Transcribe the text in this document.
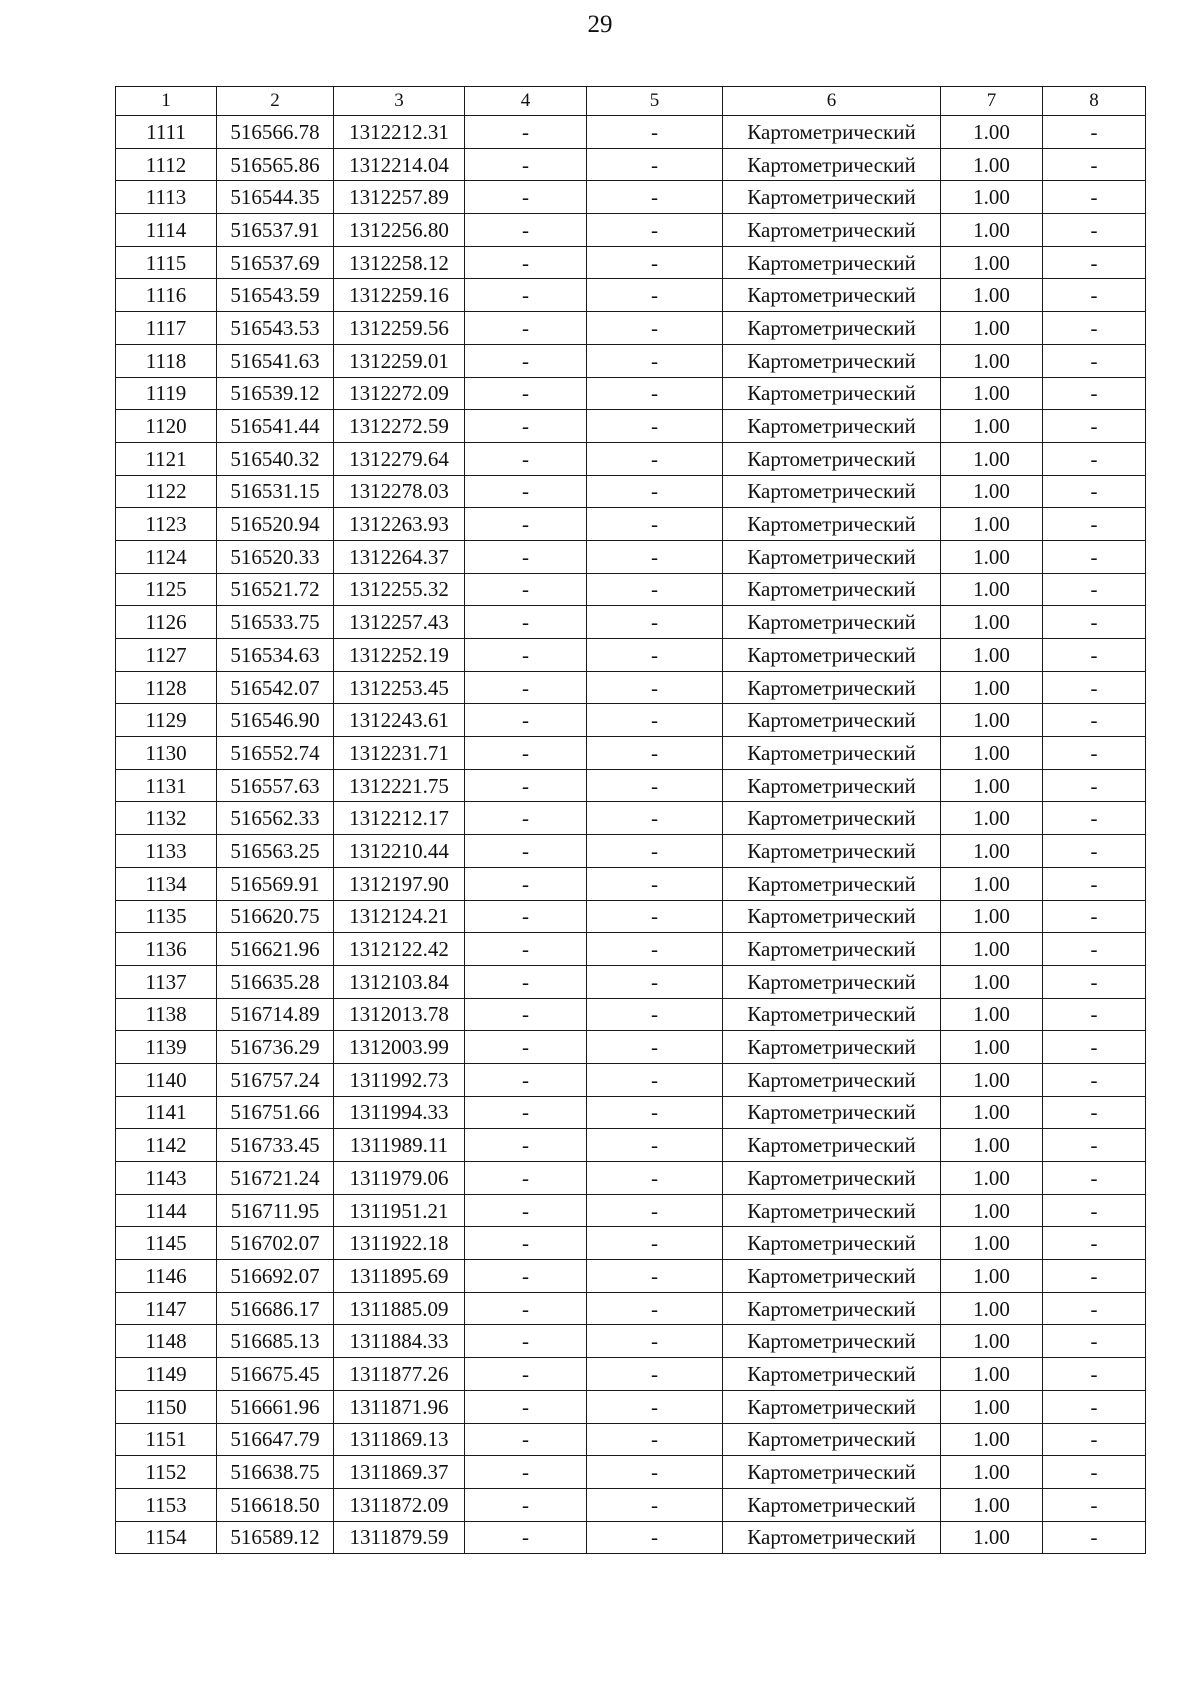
29
1	2	3	4	5	6	7	8
1111	516566.78	1312212.31	-	-	Картометрический	1.00	-
1112	516565.86	1312214.04	-	-	Картометрический	1.00	-
1113	516544.35	1312257.89	-	-	Картометрический	1.00	-
1114	516537.91	1312256.80	-	-	Картометрический	1.00	-
1115	516537.69	1312258.12	-	-	Картометрический	1.00	-
1116	516543.59	1312259.16	-	-	Картометрический	1.00	-
1117	516543.53	1312259.56	-	-	Картометрический	1.00	-
1118	516541.63	1312259.01	-	-	Картометрический	1.00	-
1119	516539.12	1312272.09	-	-	Картометрический	1.00	-
1120	516541.44	1312272.59	-	-	Картометрический	1.00	-
1121	516540.32	1312279.64	-	-	Картометрический	1.00	-
1122	516531.15	1312278.03	-	-	Картометрический	1.00	-
1123	516520.94	1312263.93	-	-	Картометрический	1.00	-
1124	516520.33	1312264.37	-	-	Картометрический	1.00	-
1125	516521.72	1312255.32	-	-	Картометрический	1.00	-
1126	516533.75	1312257.43	-	-	Картометрический	1.00	-
1127	516534.63	1312252.19	-	-	Картометрический	1.00	-
1128	516542.07	1312253.45	-	-	Картометрический	1.00	-
1129	516546.90	1312243.61	-	-	Картометрический	1.00	-
1130	516552.74	1312231.71	-	-	Картометрический	1.00	-
1131	516557.63	1312221.75	-	-	Картометрический	1.00	-
1132	516562.33	1312212.17	-	-	Картометрический	1.00	-
1133	516563.25	1312210.44	-	-	Картометрический	1.00	-
1134	516569.91	1312197.90	-	-	Картометрический	1.00	-
1135	516620.75	1312124.21	-	-	Картометрический	1.00	-
1136	516621.96	1312122.42	-	-	Картометрический	1.00	-
1137	516635.28	1312103.84	-	-	Картометрический	1.00	-
1138	516714.89	1312013.78	-	-	Картометрический	1.00	-
1139	516736.29	1312003.99	-	-	Картометрический	1.00	-
1140	516757.24	1311992.73	-	-	Картометрический	1.00	-
1141	516751.66	1311994.33	-	-	Картометрический	1.00	-
1142	516733.45	1311989.11	-	-	Картометрический	1.00	-
1143	516721.24	1311979.06	-	-	Картометрический	1.00	-
1144	516711.95	1311951.21	-	-	Картометрический	1.00	-
1145	516702.07	1311922.18	-	-	Картометрический	1.00	-
1146	516692.07	1311895.69	-	-	Картометрический	1.00	-
1147	516686.17	1311885.09	-	-	Картометрический	1.00	-
1148	516685.13	1311884.33	-	-	Картометрический	1.00	-
1149	516675.45	1311877.26	-	-	Картометрический	1.00	-
1150	516661.96	1311871.96	-	-	Картометрический	1.00	-
1151	516647.79	1311869.13	-	-	Картометрический	1.00	-
1152	516638.75	1311869.37	-	-	Картометрический	1.00	-
1153	516618.50	1311872.09	-	-	Картометрический	1.00	-
1154	516589.12	1311879.59	-	-	Картометрический	1.00	-
